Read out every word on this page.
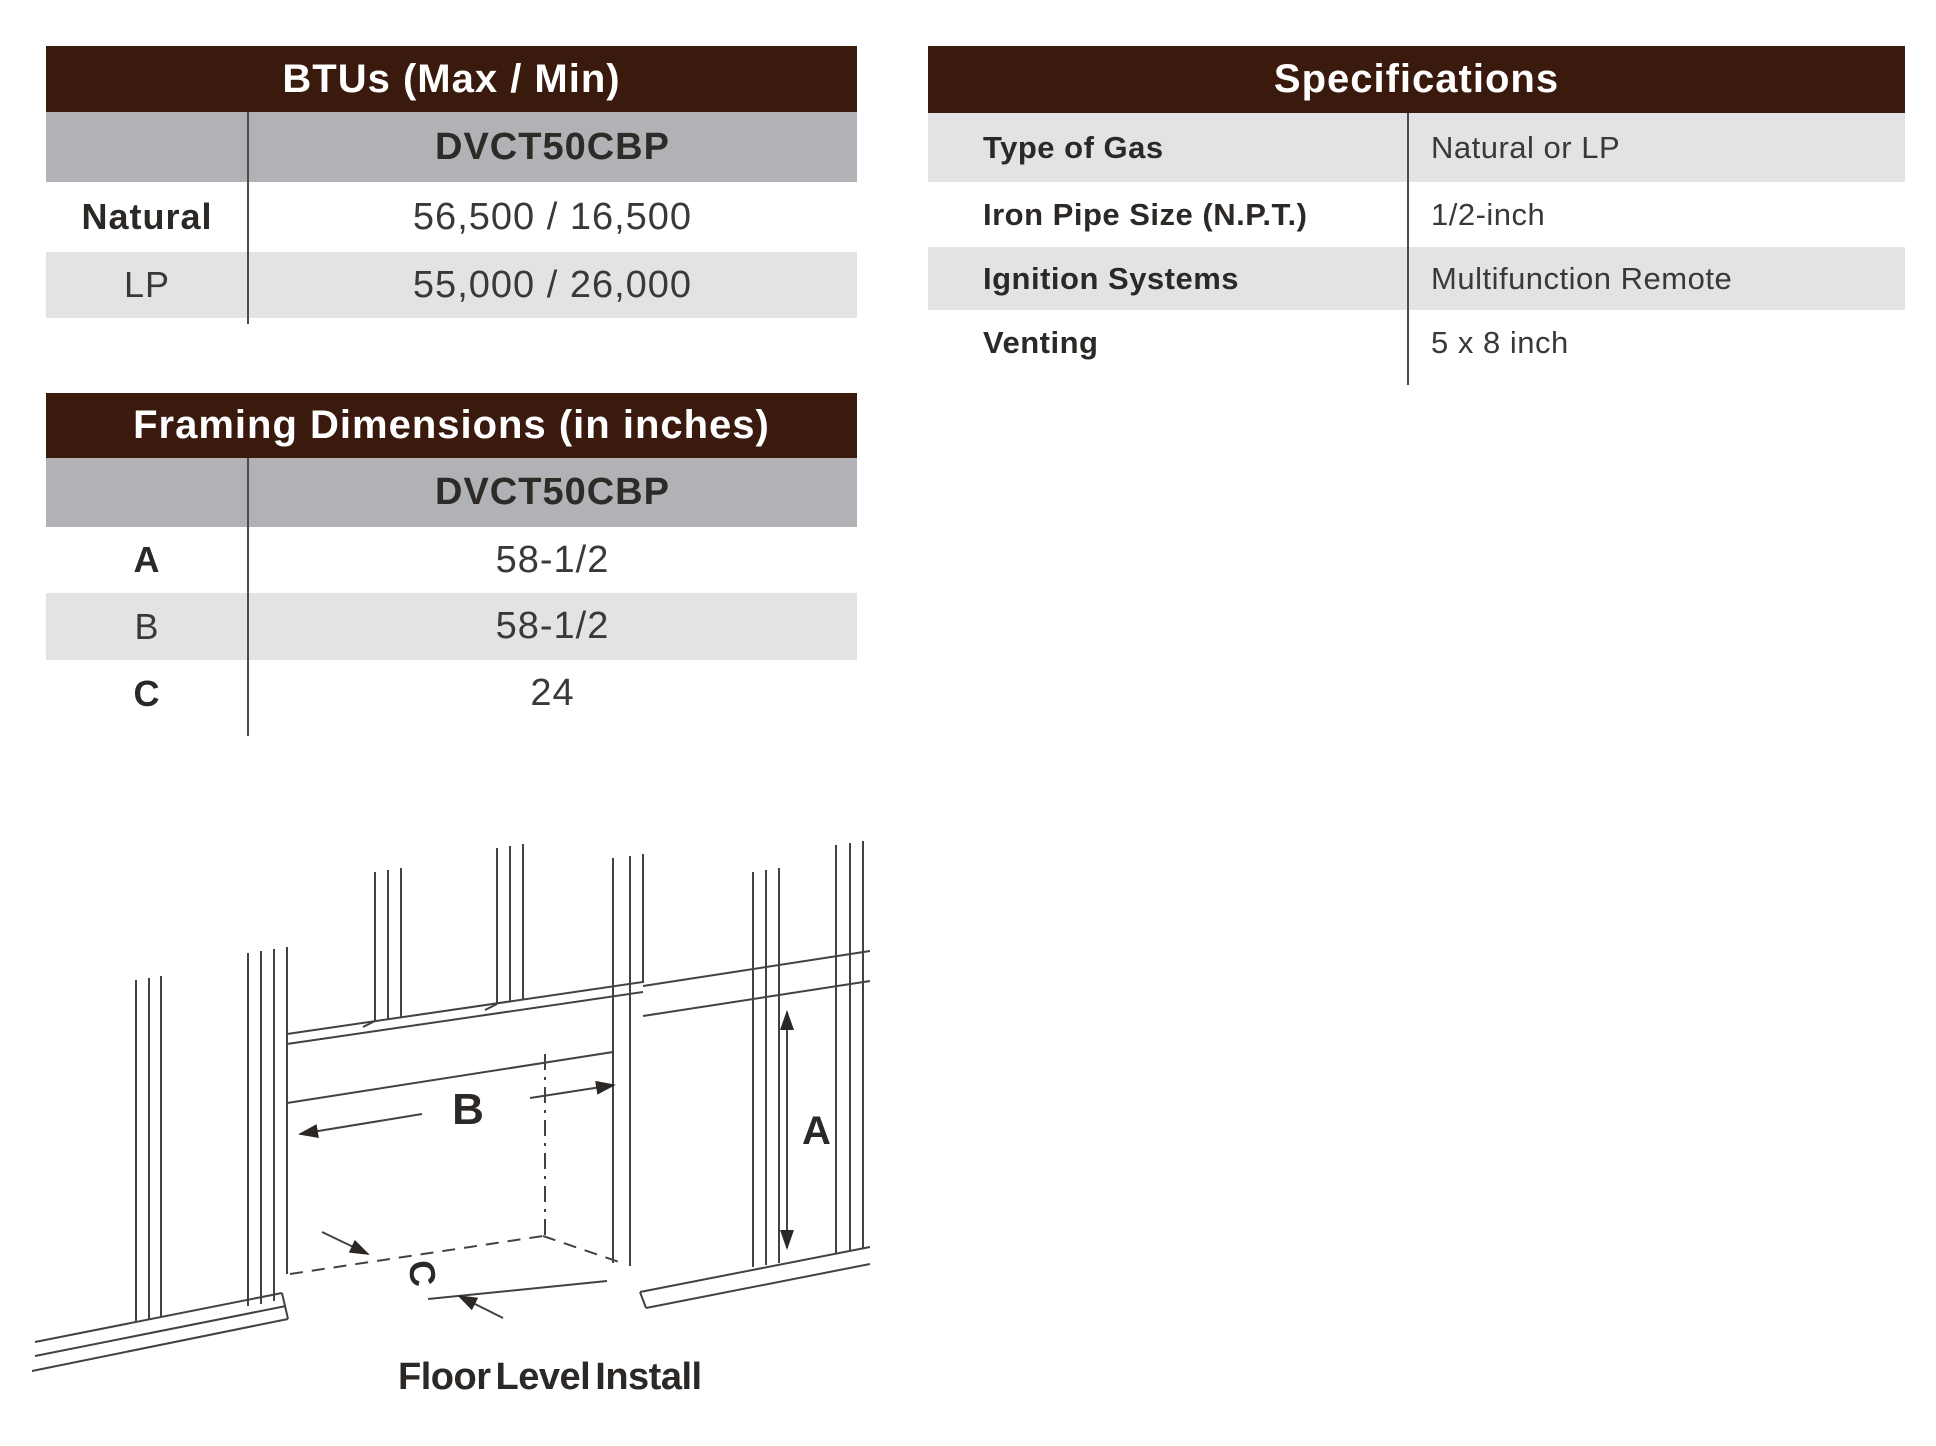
BTUs (Max / Min)
DVCT50CBP
Natural	56,500 / 16,500
LP	55,000 / 26,000
Specifications
Type of Gas	Natural or LP
Iron Pipe Size (N.P.T.)	1/2-inch
Ignition Systems	Multifunction Remote
Venting	5 x 8 inch
Framing Dimensions (in inches)
DVCT50CBP
A	58-1/2
B	58-1/2
C	24
A
B
C
Floor Level Install
